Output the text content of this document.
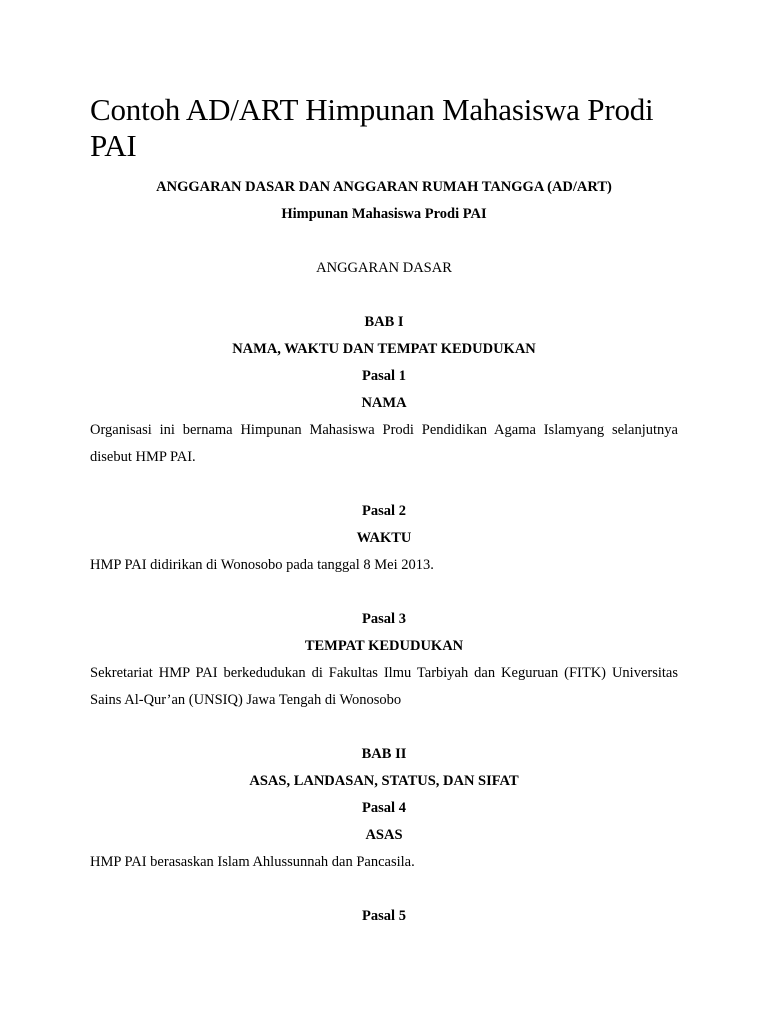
Contoh AD/ART Himpunan Mahasiswa Prodi PAI

ANGGARAN DASAR DAN ANGGARAN RUMAH TANGGA (AD/ART)

Himpunan Mahasiswa Prodi PAI

ANGGARAN DASAR

BAB I

NAMA, WAKTU DAN TEMPAT KEDUDUKAN

Pasal 1

NAMA

Organisasi ini bernama Himpunan Mahasiswa Prodi Pendidikan Agama Islamyang selanjutnya disebut HMP PAI.

Pasal 2

WAKTU

HMP PAI didirikan di Wonosobo pada tanggal 8 Mei 2013.

Pasal 3

TEMPAT KEDUDUKAN

Sekretariat HMP PAI berkedudukan di Fakultas Ilmu Tarbiyah dan Keguruan (FITK) Universitas Sains Al-Qur’an (UNSIQ) Jawa Tengah di Wonosobo

BAB II

ASAS, LANDASAN, STATUS, DAN SIFAT

Pasal 4

ASAS

HMP PAI berasaskan Islam Ahlussunnah dan Pancasila.

Pasal 5
